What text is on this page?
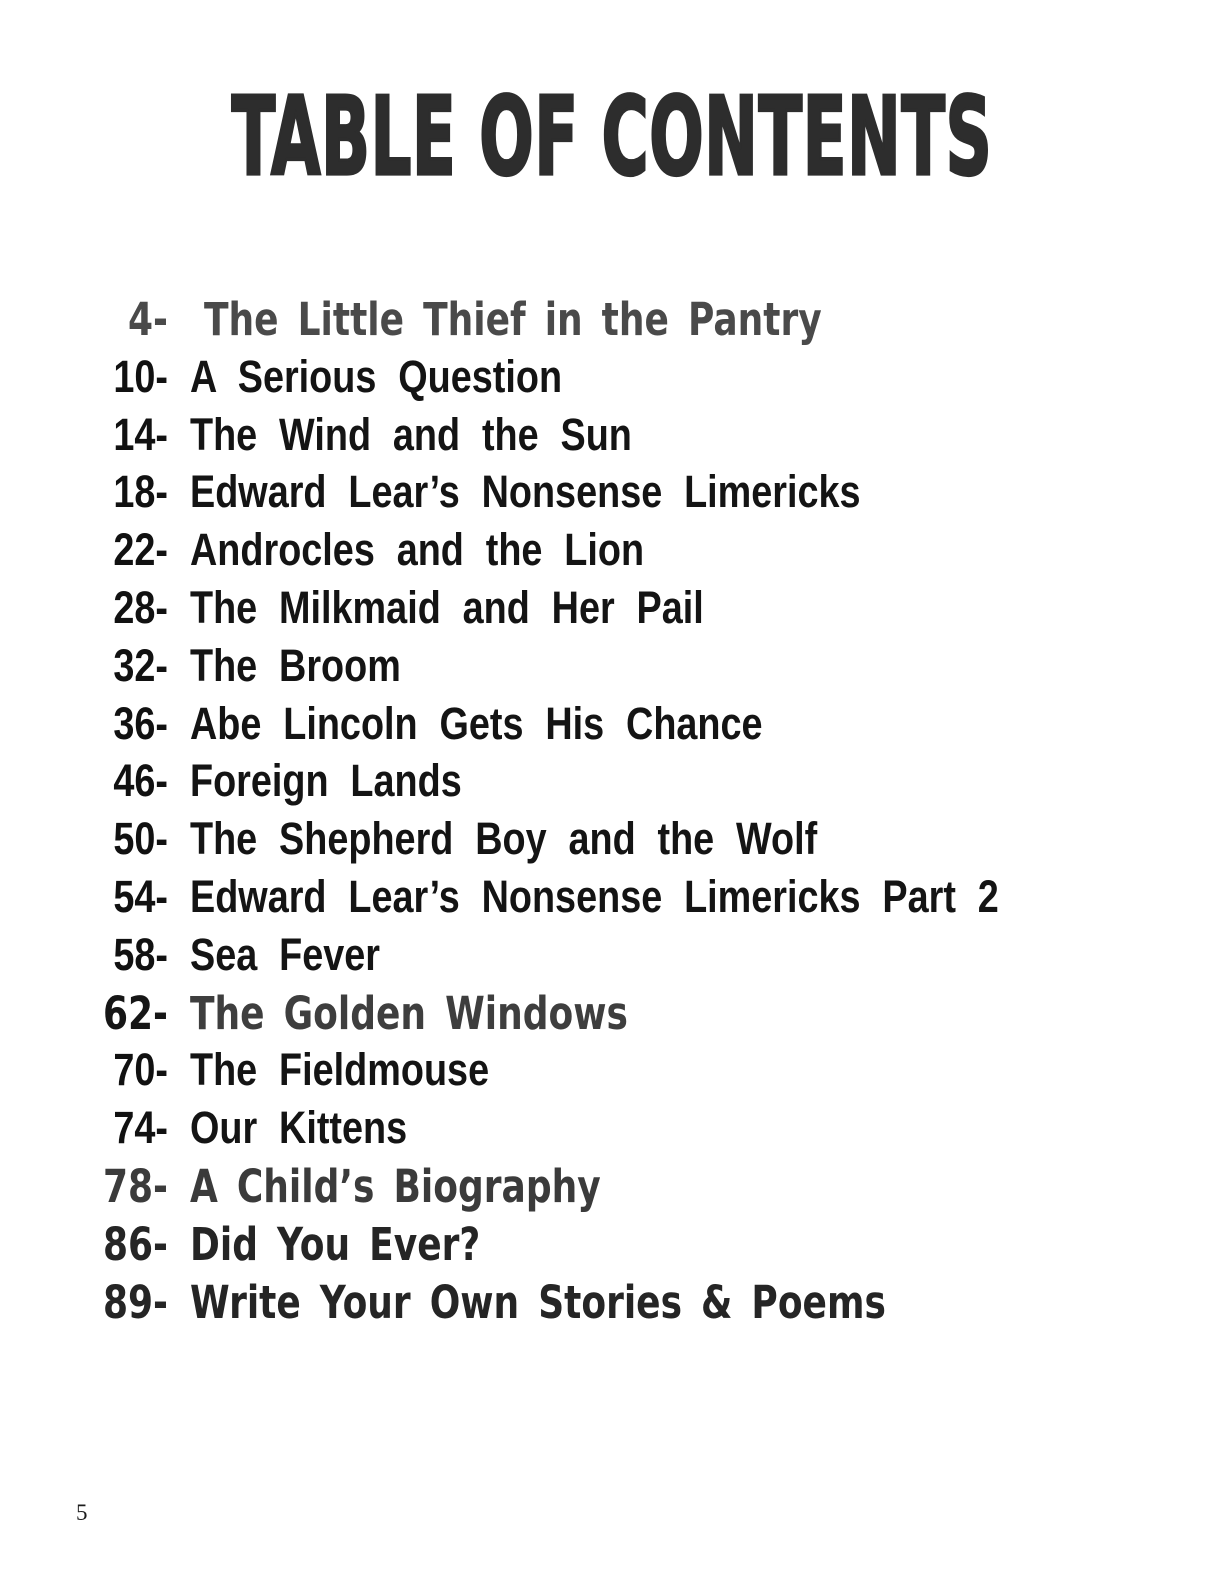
TABLE OF CONTENTS
4- The Little Thief in the Pantry
10- A Serious Question
14- The Wind and the Sun
18- Edward Lear’s Nonsense Limericks
22- Androcles and the Lion
28- The Milkmaid and Her Pail
32- The Broom
36- Abe Lincoln Gets His Chance
46- Foreign Lands
50- The Shepherd Boy and the Wolf
54- Edward Lear’s Nonsense Limericks Part 2
58- Sea Fever
62- The Golden Windows
70- The Fieldmouse
74- Our Kittens
78- A Child’s Biography
86- Did You Ever?
89- Write Your Own Stories & Poems
5
